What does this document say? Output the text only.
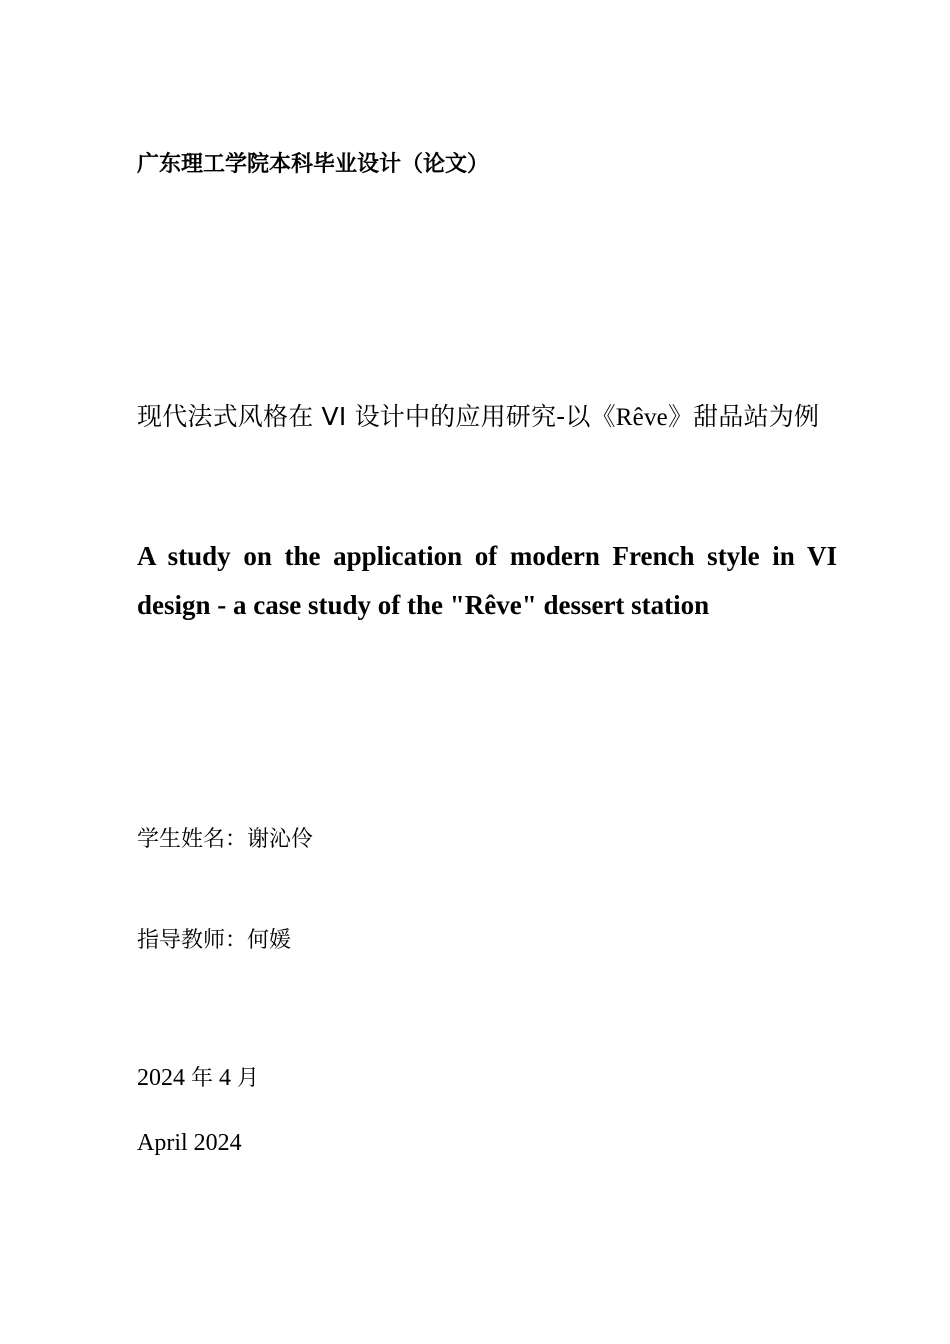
广东理工学院本科毕业设计（论文）
现代法式风格在 VI 设计中的应用研究-以《Rêve》甜品站为例
A study on the application of modern French style in VI design - a case study of the "Rêve" dessert station
学生姓名：谢沁伶
指导教师：何媛
2024 年 4 月
April 2024
